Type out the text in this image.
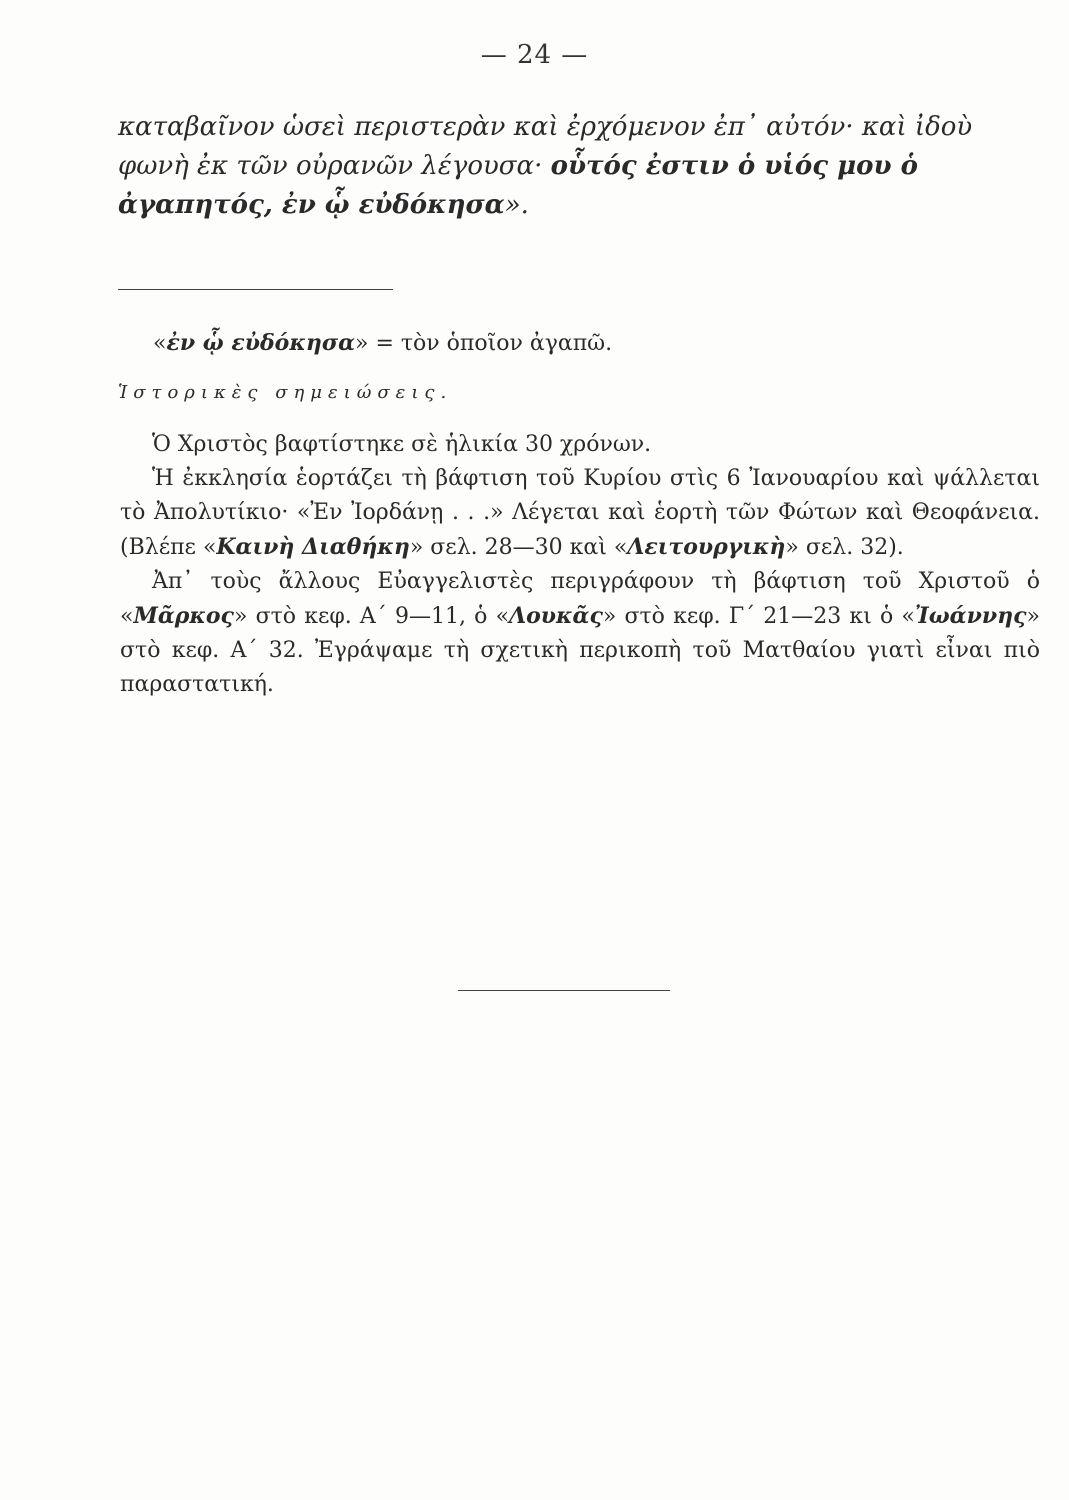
— 24 —
καταβαῖνον ὡσεὶ περιστερὰν καὶ ἐρχόμενον ἐπ᾿ αὐτόν· καὶ ἰδοὺ φωνὴ ἐκ τῶν οὐρανῶν λέγουσα· οὗτός ἐστιν ὁ υἱός μου ὁ ἀγαπητός, ἐν ᾧ εὐδόκησα».
«ἐν ᾧ εὐδόκησα» = τὸν ὁποῖον ἀγαπῶ.
Ἱστορικὲς σημειώσεις.

Ὁ Χριστὸς βαφτίστηκε σὲ ἡλικία 30 χρόνων.

Ἡ ἐκκλησία ἑορτάζει τὴ βάφτιση τοῦ Κυρίου στὶς 6 Ἰανουαρίου καὶ ψάλλεται τὸ Ἀπολυτίκιο· «Ἐν Ἰορδάνῃ . . .» Λέγεται καὶ ἑορτὴ τῶν Φώτων καὶ Θεοφάνεια. (Βλέπε «Καινὴ Διαθήκη» σελ. 28—30 καὶ «Λειτουργικὴ» σελ. 32).

Ἀπ᾿ τοὺς ἄλλους Εὐαγγελιστὲς περιγράφουν τὴ βάφτιση τοῦ Χριστοῦ ὁ «Μᾶρκος» στὸ κεφ. Α΄ 9—11, ὁ «Λουκᾶς» στὸ κεφ. Γ΄ 21—23 κι ὁ «Ἰωάννης» στὸ κεφ. Α΄ 32. Ἐγράψαμε τὴ σχετικὴ περικοπὴ τοῦ Ματθαίου γιατὶ εἶναι πιὸ παραστατική.
